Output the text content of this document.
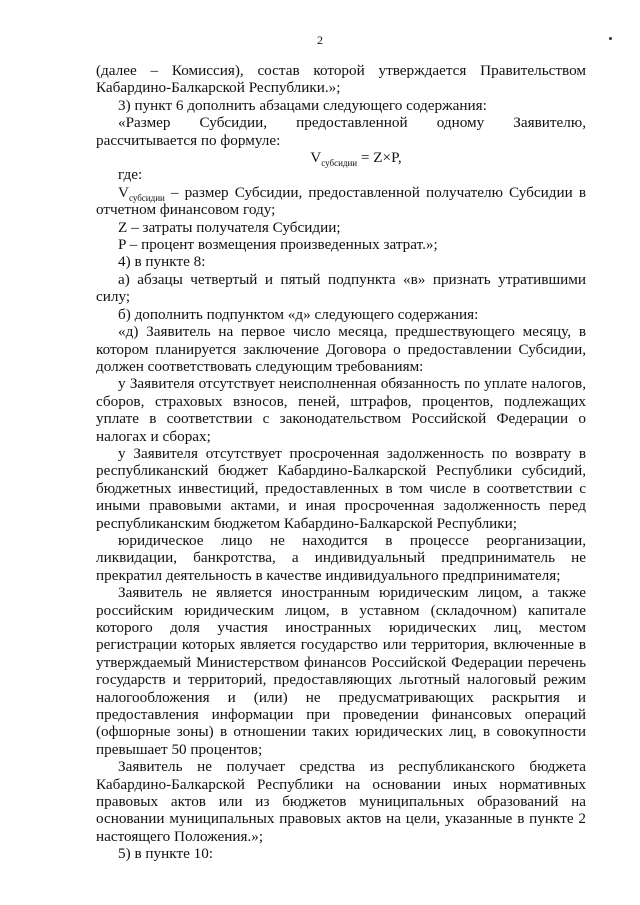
2

(далее – Комиссия), состав которой утверждается Правительством Кабардино-Балкарской Республики.»;

3) пункт 6 дополнить абзацами следующего содержания:

«Размер Субсидии, предоставленной одному Заявителю, рассчитывается по формуле:

$V_{субсидии} = Z\times P$,

где:

$V_{субсидии}$ – размер Субсидии, предоставленной получателю Субсидии в отчетном финансовом году;

Z – затраты получателя Субсидии;

P – процент возмещения произведенных затрат.»;

4) в пункте 8:

а) абзацы четвертый и пятый подпункта «в» признать утратившими силу;

б) дополнить подпунктом «д» следующего содержания:

«д) Заявитель на первое число месяца, предшествующего месяцу, в котором планируется заключение Договора о предоставлении Субсидии, должен соответствовать следующим требованиям:

у Заявителя отсутствует неисполненная обязанность по уплате налогов, сборов, страховых взносов, пеней, штрафов, процентов, подлежащих уплате в соответствии с законодательством Российской Федерации о налогах и сборах;

у Заявителя отсутствует просроченная задолженность по возврату в республиканский бюджет Кабардино-Балкарской Республики субсидий, бюджетных инвестиций, предоставленных в том числе в соответствии с иными правовыми актами, и иная просроченная задолженность перед республиканским бюджетом Кабардино-Балкарской Республики;

юридическое лицо не находится в процессе реорганизации, ликвидации, банкротства, а индивидуальный предприниматель не прекратил деятельность в качестве индивидуального предпринимателя;

Заявитель не является иностранным юридическим лицом, а также российским юридическим лицом, в уставном (складочном) капитале которого доля участия иностранных юридических лиц, местом регистрации которых является государство или территория, включенные в утверждаемый Министерством финансов Российской Федерации перечень государств и территорий, предоставляющих льготный налоговый режим налогообложения и (или) не предусматривающих раскрытия и предоставления информации при проведении финансовых операций (офшорные зоны) в отношении таких юридических лиц, в совокупности превышает 50 процентов;

Заявитель не получает средства из республиканского бюджета Кабардино-Балкарской Республики на основании иных нормативных правовых актов или из бюджетов муниципальных образований на основании муниципальных правовых актов на цели, указанные в пункте 2 настоящего Положения.»;

5) в пункте 10:
